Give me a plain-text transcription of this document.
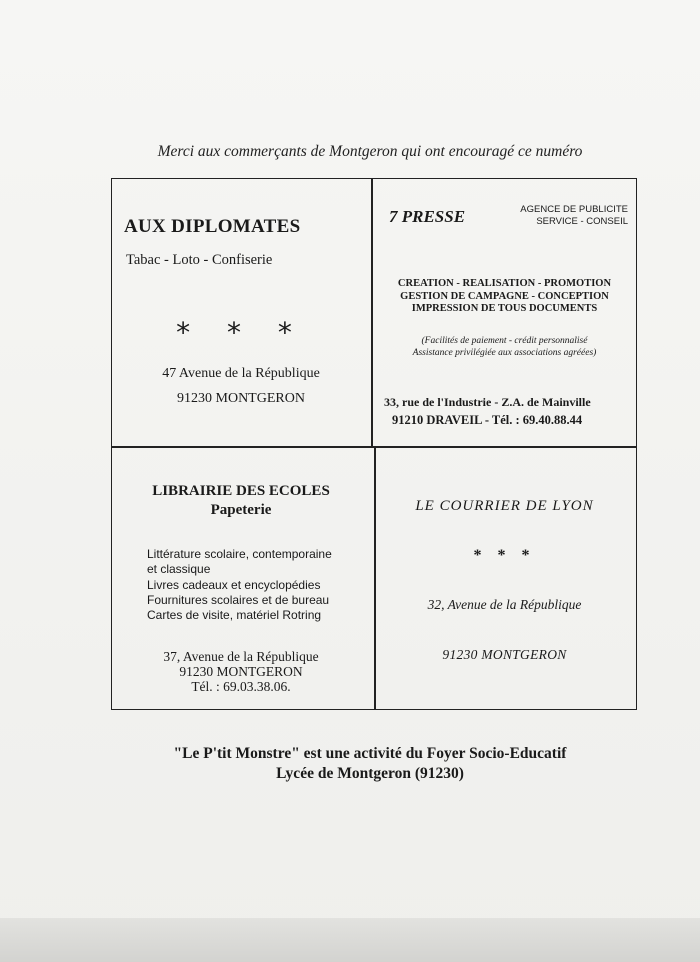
Merci aux commerçants de Montgeron qui ont encouragé ce numéro
AUX DIPLOMATES
Tabac - Loto - Confiserie
* * *
47 Avenue de la République
91230 MONTGERON
7 PRESSE	AGENCE DE PUBLICITE
SERVICE - CONSEIL
CREATION - REALISATION - PROMOTION
GESTION DE CAMPAGNE - CONCEPTION
IMPRESSION DE TOUS DOCUMENTS
(Facilités de paiement - crédit personnalisé
Assistance privilégiée aux associations agréées)
33, rue de l'Industrie - Z.A. de Mainville
91210 DRAVEIL - Tél. : 69.40.88.44
LIBRAIRIE DES ECOLES
Papeterie
Littérature scolaire, contemporaine
et classique
Livres cadeaux et encyclopédies
Fournitures scolaires et de bureau
Cartes de visite, matériel Rotring
37, Avenue de la République
91230 MONTGERON
Tél. : 69.03.38.06.
LE COURRIER DE LYON
* * *
32, Avenue de la République
91230 MONTGERON
"Le P'tit Monstre" est une activité du Foyer Socio-Educatif
Lycée de Montgeron (91230)
